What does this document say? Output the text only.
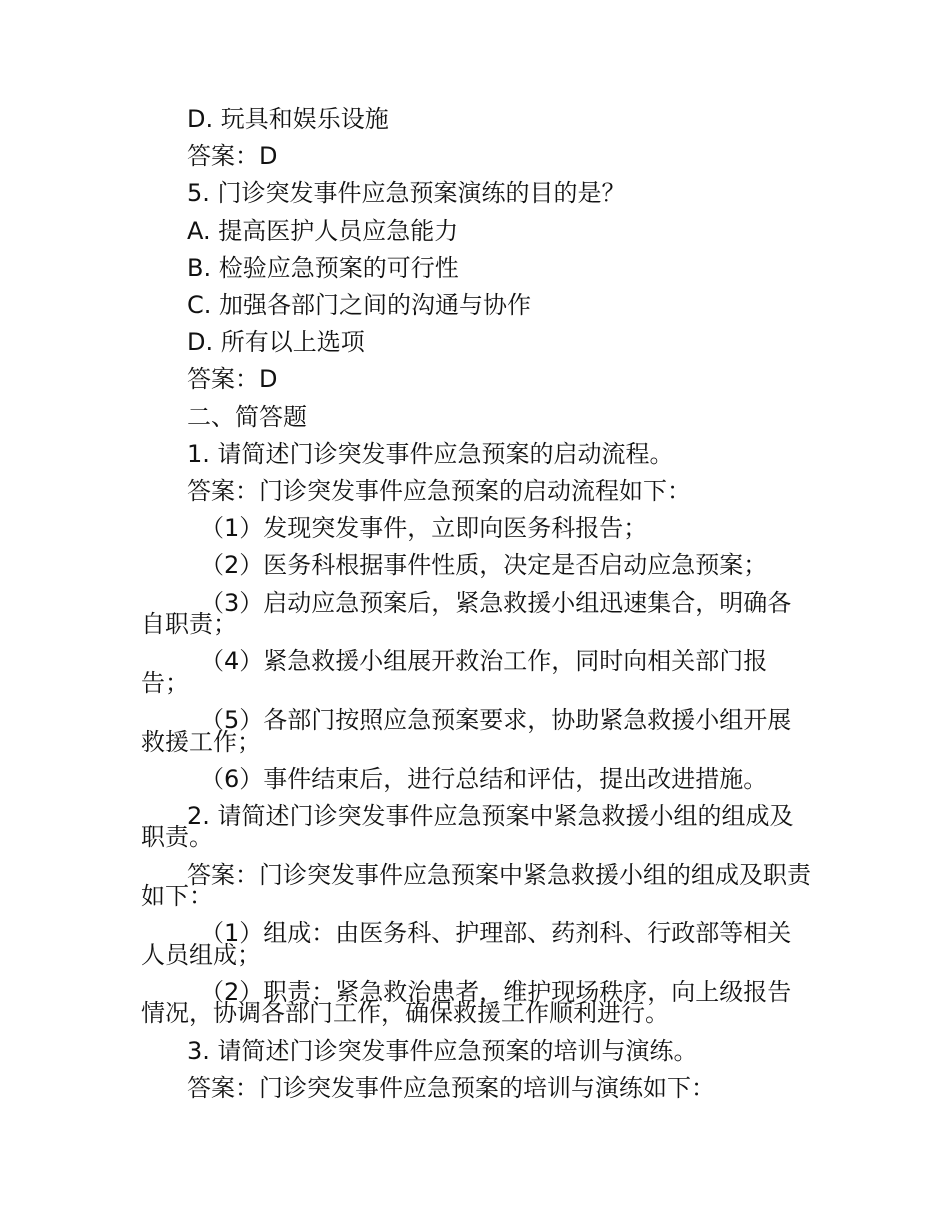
D. 玩具和娱乐设施

答案：D

5. 门诊突发事件应急预案演练的目的是？

A. 提高医护人员应急能力

B. 检验应急预案的可行性

C. 加强各部门之间的沟通与协作

D. 所有以上选项

答案：D

二、简答题

1. 请简述门诊突发事件应急预案的启动流程。

答案：门诊突发事件应急预案的启动流程如下：

（1）发现突发事件，立即向医务科报告；

（2）医务科根据事件性质，决定是否启动应急预案；

（3）启动应急预案后，紧急救援小组迅速集合，明确各自职责；

（4）紧急救援小组展开救治工作，同时向相关部门报告；

（5）各部门按照应急预案要求，协助紧急救援小组开展救援工作；

（6）事件结束后，进行总结和评估，提出改进措施。

2. 请简述门诊突发事件应急预案中紧急救援小组的组成及职责。

答案：门诊突发事件应急预案中紧急救援小组的组成及职责如下：

（1）组成：由医务科、护理部、药剂科、行政部等相关人员组成；

（2）职责：紧急救治患者，维护现场秩序，向上级报告情况，协调各部门工作，确保救援工作顺利进行。

3. 请简述门诊突发事件应急预案的培训与演练。

答案：门诊突发事件应急预案的培训与演练如下：
